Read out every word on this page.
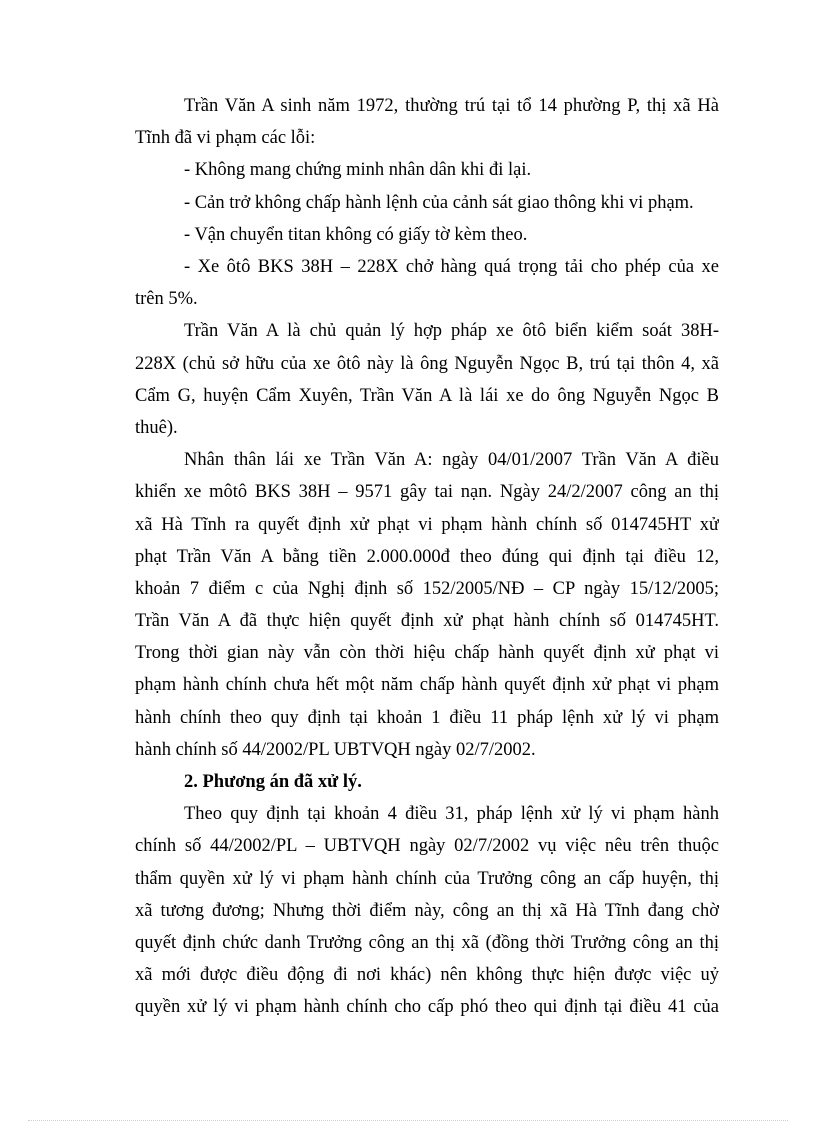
Trần Văn A sinh năm 1972, thường trú tại tổ 14 phường P, thị xã Hà
Tĩnh đã vi phạm các lỗi:
- Không mang chứng minh nhân dân khi đi lại.
- Cản trở không chấp hành lệnh của cảnh sát giao thông khi vi phạm.
- Vận chuyển titan không có giấy tờ kèm theo.
- Xe ôtô BKS 38H – 228X chở hàng quá trọng tải cho phép của xe
trên 5%.
Trần Văn A là chủ quản lý hợp pháp xe ôtô biển kiểm soát 38H-
228X (chủ sở hữu của xe ôtô này là ông Nguyễn Ngọc B, trú tại thôn 4, xã
Cẩm G, huyện Cẩm Xuyên, Trần Văn A là lái xe do ông Nguyễn Ngọc B
thuê).
Nhân thân lái xe Trần Văn A: ngày 04/01/2007 Trần Văn A điều
khiển xe môtô BKS 38H – 9571 gây tai nạn. Ngày 24/2/2007 công an thị
xã Hà Tĩnh ra quyết định xử phạt vi phạm hành chính số 014745HT xử
phạt Trần Văn A bằng tiền 2.000.000đ theo đúng qui định tại điều 12,
khoản 7 điểm c của Nghị định số 152/2005/NĐ – CP ngày 15/12/2005;
Trần Văn A đã thực hiện quyết định xử phạt hành chính số 014745HT.
Trong thời gian này vẫn còn thời hiệu chấp hành quyết định xử phạt vi
phạm hành chính chưa hết một năm chấp hành quyết định xử phạt vi phạm
hành chính theo quy định tại khoản 1 điều 11 pháp lệnh xử lý vi phạm
hành chính số 44/2002/PL UBTVQH ngày 02/7/2002.
2. Phương án đã xử lý.
Theo quy định tại khoản 4 điều 31, pháp lệnh xử lý vi phạm hành
chính số 44/2002/PL – UBTVQH ngày 02/7/2002 vụ việc nêu trên thuộc
thẩm quyền xử lý vi phạm hành chính của Trưởng công an cấp huyện, thị
xã tương đương; Nhưng thời điểm này, công an thị xã Hà Tĩnh đang chờ
quyết định chức danh Trưởng công an thị xã (đồng thời Trưởng công an thị
xã mới được điều động đi nơi khác) nên không thực hiện được việc uỷ
quyền xử lý vi phạm hành chính cho cấp phó theo qui định tại điều 41 của
